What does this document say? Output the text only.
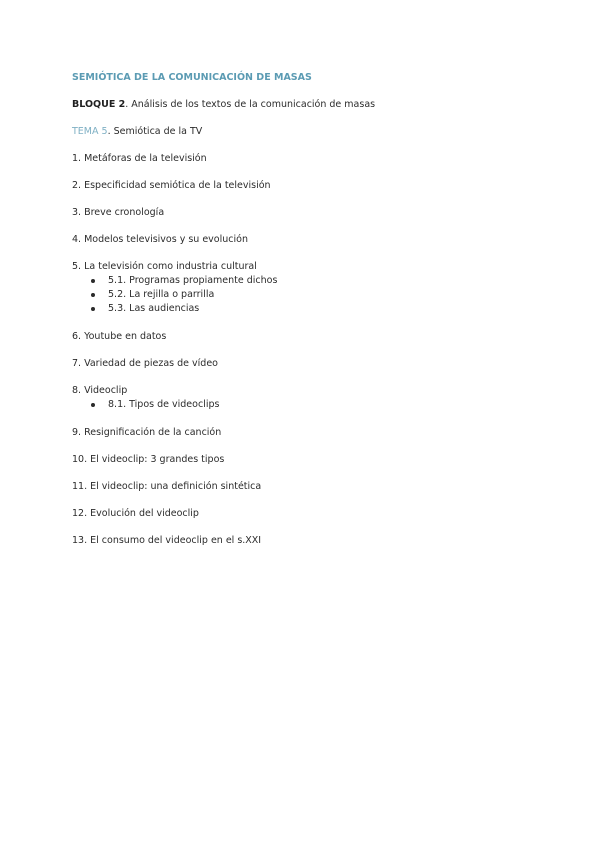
SEMIÓTICA DE LA COMUNICACIÓN DE MASAS
BLOQUE 2. Análisis de los textos de la comunicación de masas
TEMA 5. Semiótica de la TV
1. Metáforas de la televisión
2. Especificidad semiótica de la televisión
3. Breve cronología
4. Modelos televisivos y su evolución
5. La televisión como industria cultural
5.1. Programas propiamente dichos
5.2. La rejilla o parrilla
5.3. Las audiencias
6. Youtube en datos
7. Variedad de piezas de vídeo
8. Videoclip
8.1. Tipos de videoclips
9. Resignificación de la canción
10. El videoclip: 3 grandes tipos
11. El videoclip: una definición sintética
12. Evolución del videoclip
13. El consumo del videoclip en el s.XXI
